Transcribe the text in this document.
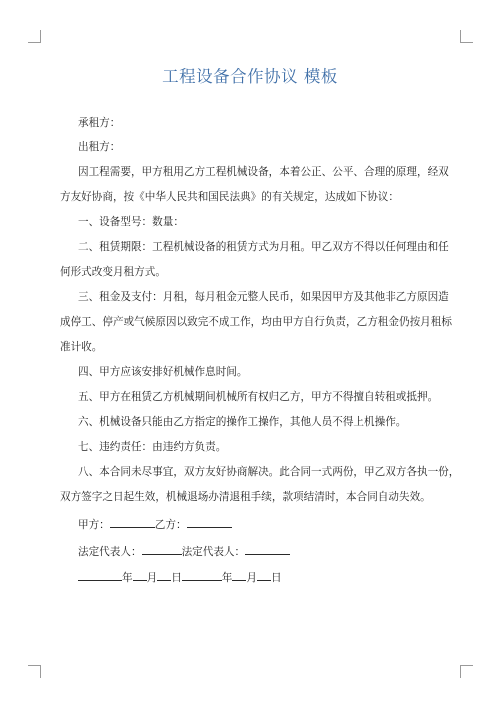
工程设备合作协议 模板
承租方：
出租方：
因工程需要，甲方租用乙方工程机械设备，本着公正、公平、合理的原理，经双
方友好协商，按《中华人民共和国民法典》的有关规定，达成如下协议：
一、设备型号：数量：
二、租赁期限：工程机械设备的租赁方式为月租。甲乙双方不得以任何理由和任
何形式改变月租方式。
三、租金及支付：月租，每月租金元整人民币，如果因甲方及其他非乙方原因造
成停工、停产或气候原因以致完不成工作，均由甲方自行负责，乙方租金仍按月租标
准计收。
四、甲方应该安排好机械作息时间。
五、甲方在租赁乙方机械期间机械所有权归乙方，甲方不得擅自转租或抵押。
六、机械设备只能由乙方指定的操作工操作，其他人员不得上机操作。
七、违约责任：由违约方负责。
八、本合同未尽事宜，双方友好协商解决。此合同一式两份，甲乙双方各执一份，
双方签字之日起生效，机械退场办清退租手续，款项结清时，本合同自动失效。
甲方：	乙方：
法定代表人：	法定代表人：
年 月 日	年 月 日
